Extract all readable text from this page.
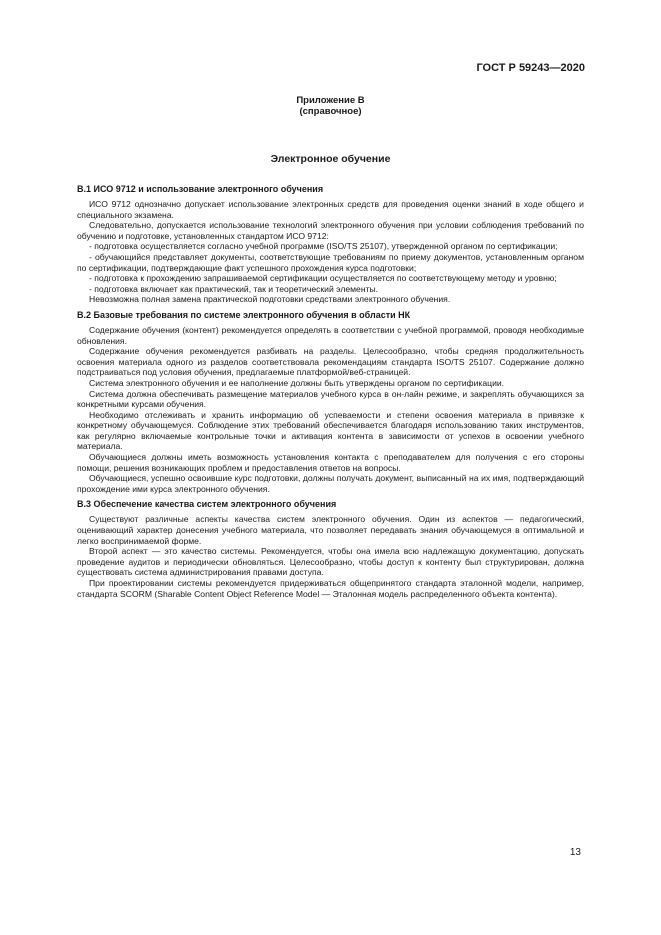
ГОСТ Р 59243—2020
Приложение В
(справочное)
Электронное обучение
В.1 ИСО 9712 и использование электронного обучения

ИСО 9712 однозначно допускает использование электронных средств для проведения оценки знаний в ходе общего и специального экзамена.

Следовательно, допускается использование технологий электронного обучения при условии соблюдения требований по обучению и подготовке, установленных стандартом ИСО 9712:

- подготовка осуществляется согласно учебной программе (ISO/TS 25107), утвержденной органом по сертификации;

- обучающийся представляет документы, соответствующие требованиям по приему документов, установленным органом по сертификации, подтверждающие факт успешного прохождения курса подготовки;

- подготовка к прохождению запрашиваемой сертификации осуществляется по соответствующему методу и уровню;

- подготовка включает как практический, так и теоретический элементы.

Невозможна полная замена практической подготовки средствами электронного обучения.

В.2 Базовые требования по системе электронного обучения в области НК

Содержание обучения (контент) рекомендуется определять в соответствии с учебной программой, проводя необходимые обновления.

Содержание обучения рекомендуется разбивать на разделы. Целесообразно, чтобы средняя продолжительность освоения материала одного из разделов соответствовала рекомендациям стандарта ISO/TS 25107. Содержание должно подстраиваться под условия обучения, предлагаемые платформой/веб-страницей.

Система электронного обучения и ее наполнение должны быть утверждены органом по сертификации.

Система должна обеспечивать размещение материалов учебного курса в он-лайн режиме, и закреплять обучающихся за конкретными курсами обучения.

Необходимо отслеживать и хранить информацию об успеваемости и степени освоения материала в привязке к конкретному обучающемуся. Соблюдение этих требований обеспечивается благодаря использованию таких инструментов, как регулярно включаемые контрольные точки и активация контента в зависимости от успехов в освоении учебного материала.

Обучающиеся должны иметь возможность установления контакта с преподавателем для получения с его стороны помощи, решения возникающих проблем и предоставления ответов на вопросы.

Обучающиеся, успешно освоившие курс подготовки, должны получать документ, выписанный на их имя, подтверждающий прохождение ими курса электронного обучения.

В.3 Обеспечение качества систем электронного обучения

Существуют различные аспекты качества систем электронного обучения. Один из аспектов — педагогический, оценивающий характер донесения учебного материала, что позволяет передавать знания обучающемуся в оптимальной и легко воспринимаемой форме.

Второй аспект — это качество системы. Рекомендуется, чтобы она имела всю надлежащую документацию, допускать проведение аудитов и периодически обновляться. Целесообразно, чтобы доступ к контенту был структурирован, должна существовать система администрирования правами доступа.

При проектировании системы рекомендуется придерживаться общепринятого стандарта эталонной модели, например, стандарта SCORM (Sharable Content Object Reference Model — Эталонная модель распределенного объекта контента).

13
